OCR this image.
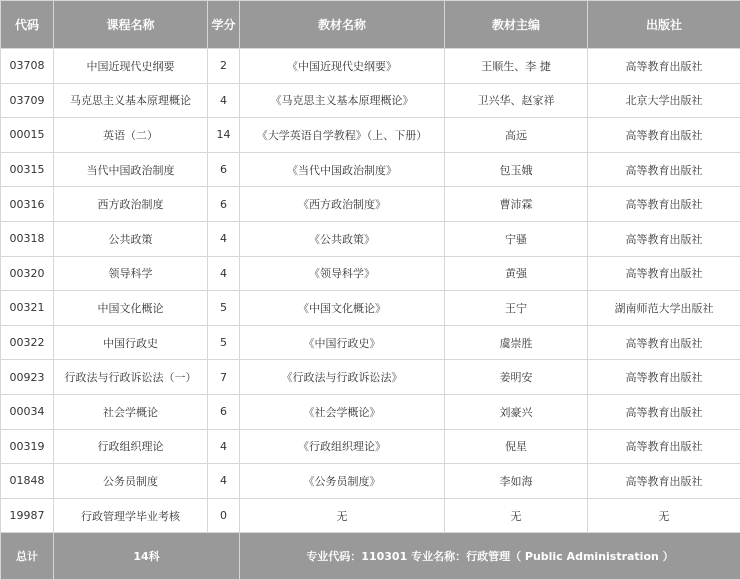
代码	课程名称	学分	教材名称	教材主编	出版社
03708	中国近现代史纲要	2	《中国近现代史纲要》	王顺生、李 捷	高等教育出版社
03709	马克思主义基本原理概论	4	《马克思主义基本原理概论》	卫兴华、赵家祥	北京大学出版社
00015	英语（二）	14	《大学英语自学教程》（上、下册）	高远	高等教育出版社
00315	当代中国政治制度	6	《当代中国政治制度》	包玉娥	高等教育出版社
00316	西方政治制度	6	《西方政治制度》	曹沛霖	高等教育出版社
00318	公共政策	4	《公共政策》	宁骚	高等教育出版社
00320	领导科学	4	《领导科学》	黄强	高等教育出版社
00321	中国文化概论	5	《中国文化概论》	王宁	湖南师范大学出版社
00322	中国行政史	5	《中国行政史》	虞崇胜	高等教育出版社
00923	行政法与行政诉讼法（一）	7	《行政法与行政诉讼法》	姜明安	高等教育出版社
00034	社会学概论	6	《社会学概论》	刘豪兴	高等教育出版社
00319	行政组织理论	4	《行政组织理论》	倪星	高等教育出版社
01848	公务员制度	4	《公务员制度》	李如海	高等教育出版社
19987	行政管理学毕业考核	0	无	无	无
总计	14科		专业代码：110301 专业名称：行政管理（ Public Administration ）		
